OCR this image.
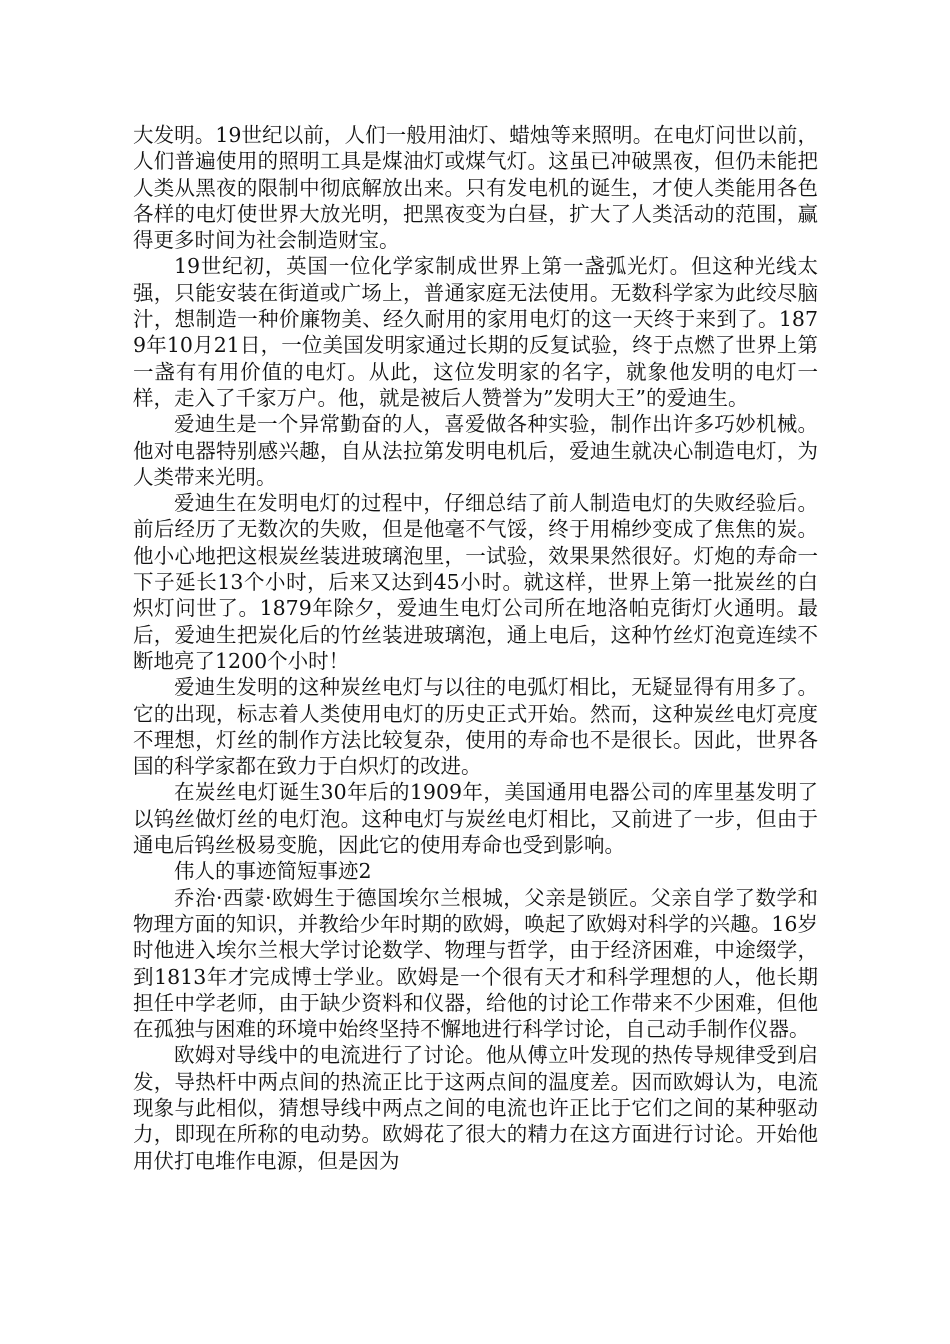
大发明。19世纪以前，人们一般用油灯、蜡烛等来照明。在电灯问世以前，人们普遍使用的照明工具是煤油灯或煤气灯。这虽已冲破黑夜，但仍未能把人类从黑夜的限制中彻底解放出来。只有发电机的诞生，才使人类能用各色各样的电灯使世界大放光明，把黑夜变为白昼，扩大了人类活动的范围，赢得更多时间为社会制造财宝。

19世纪初，英国一位化学家制成世界上第一盏弧光灯。但这种光线太强，只能安装在街道或广场上，普通家庭无法使用。无数科学家为此绞尽脑汁，想制造一种价廉物美、经久耐用的家用电灯的这一天终于来到了。1879年10月21日，一位美国发明家通过长期的反复试验，终于点燃了世界上第一盏有有用价值的电灯。从此，这位发明家的名字，就象他发明的电灯一样，走入了千家万户。他，就是被后人赞誉为”发明大王”的爱迪生。

爱迪生是一个异常勤奋的人，喜爱做各种实验，制作出许多巧妙机械。他对电器特别感兴趣，自从法拉第发明电机后，爱迪生就决心制造电灯，为人类带来光明。

爱迪生在发明电灯的过程中，仔细总结了前人制造电灯的失败经验后。前后经历了无数次的失败，但是他毫不气馁，终于用棉纱变成了焦焦的炭。他小心地把这根炭丝装进玻璃泡里，一试验，效果果然很好。灯炮的寿命一下子延长13个小时，后来又达到45小时。就这样，世界上第一批炭丝的白炽灯问世了。1879年除夕，爱迪生电灯公司所在地洛帕克街灯火通明。最后，爱迪生把炭化后的竹丝装进玻璃泡，通上电后，这种竹丝灯泡竟连续不断地亮了1200个小时！

爱迪生发明的这种炭丝电灯与以往的电弧灯相比，无疑显得有用多了。它的出现，标志着人类使用电灯的历史正式开始。然而，这种炭丝电灯亮度不理想，灯丝的制作方法比较复杂，使用的寿命也不是很长。因此，世界各国的科学家都在致力于白炽灯的改进。

在炭丝电灯诞生30年后的1909年，美国通用电器公司的库里基发明了以钨丝做灯丝的电灯泡。这种电灯与炭丝电灯相比，又前进了一步，但由于通电后钨丝极易变脆，因此它的使用寿命也受到影响。

伟人的事迹简短事迹2

乔治·西蒙·欧姆生于德国埃尔兰根城，父亲是锁匠。父亲自学了数学和物理方面的知识，并教给少年时期的欧姆，唤起了欧姆对科学的兴趣。16岁时他进入埃尔兰根大学讨论数学、物理与哲学，由于经济困难，中途缀学，到1813年才完成博士学业。欧姆是一个很有天才和科学理想的人，他长期担任中学老师，由于缺少资料和仪器，给他的讨论工作带来不少困难，但他在孤独与困难的环境中始终坚持不懈地进行科学讨论，自己动手制作仪器。

欧姆对导线中的电流进行了讨论。他从傅立叶发现的热传导规律受到启发，导热杆中两点间的热流正比于这两点间的温度差。因而欧姆认为，电流现象与此相似，猜想导线中两点之间的电流也许正比于它们之间的某种驱动力，即现在所称的电动势。欧姆花了很大的精力在这方面进行讨论。开始他用伏打电堆作电源，但是因为
